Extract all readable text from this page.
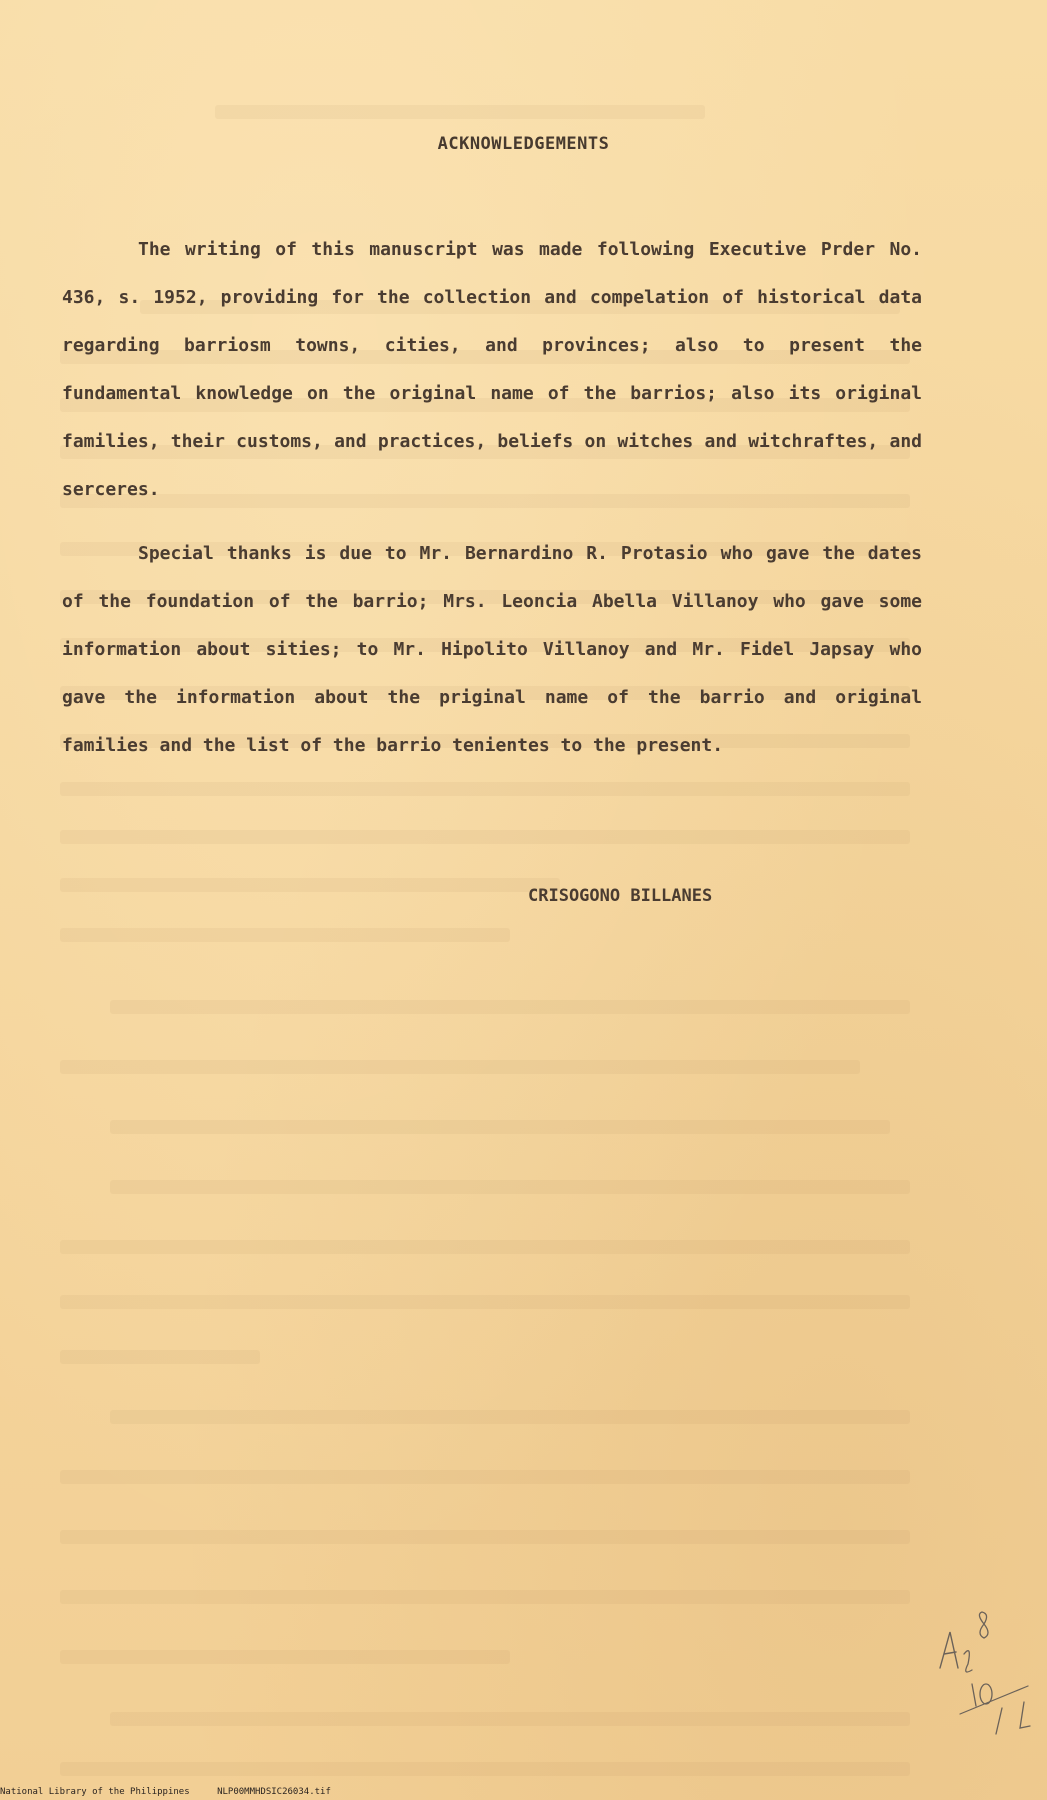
ACKNOWLEDGEMENTS

The writing of this manuscript was made following Executive Prder No. 436, s. 1952, providing for the collection and compelation of historical data regarding barriosm towns, cities, and provinces; also to present the fundamental knowledge on the original name of the barrios; also its original families, their customs, and practices, beliefs on witches and witchraftes, and serceres.

Special thanks is due to Mr. Bernardino R. Protasio who gave the dates of the foundation of the barrio; Mrs. Leoncia Abella Villanoy who gave some information about sities; to Mr. Hipolito Villanoy and Mr. Fidel Japsay who gave the information about the priginal name of the barrio and original families and the list of the barrio tenientes to the present.

CRISOGONO BILLANES

National Library of the Philippines	NLP00MMHDSIC26034.tif
